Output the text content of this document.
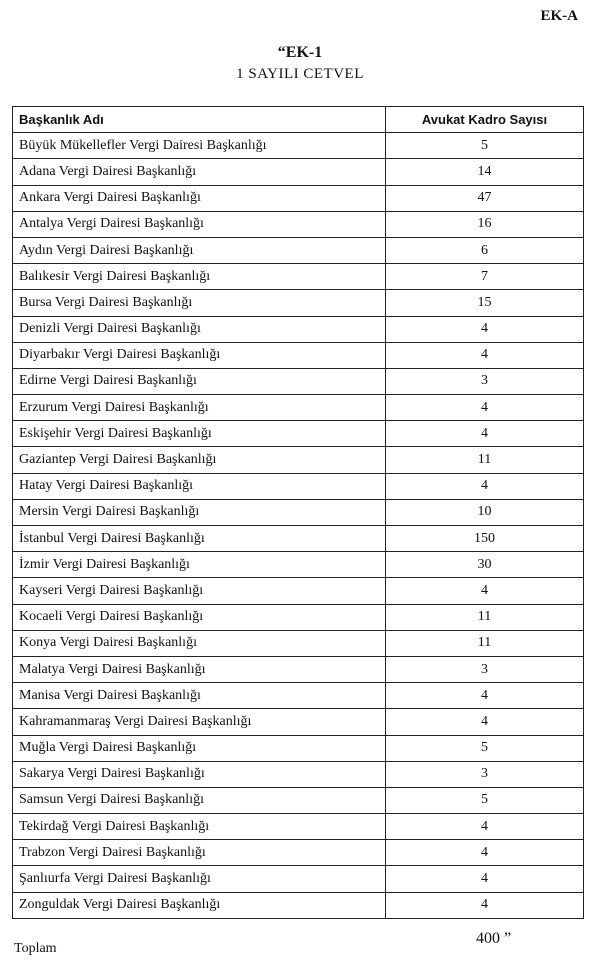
EK-A
“EK-1
1 SAYILI CETVEL
Başkanlık Adı	Avukat Kadro Sayısı
Büyük Mükellefler Vergi Dairesi Başkanlığı	5
Adana Vergi Dairesi Başkanlığı	14
Ankara Vergi Dairesi Başkanlığı	47
Antalya Vergi Dairesi Başkanlığı	16
Aydın Vergi Dairesi Başkanlığı	6
Balıkesir Vergi Dairesi Başkanlığı	7
Bursa Vergi Dairesi Başkanlığı	15
Denizli Vergi Dairesi Başkanlığı	4
Diyarbakır Vergi Dairesi Başkanlığı	4
Edirne Vergi Dairesi Başkanlığı	3
Erzurum Vergi Dairesi Başkanlığı	4
Eskişehir Vergi Dairesi Başkanlığı	4
Gaziantep Vergi Dairesi Başkanlığı	11
Hatay Vergi Dairesi Başkanlığı	4
Mersin Vergi Dairesi Başkanlığı	10
İstanbul Vergi Dairesi Başkanlığı	150
İzmir Vergi Dairesi Başkanlığı	30
Kayseri Vergi Dairesi Başkanlığı	4
Kocaeli Vergi Dairesi Başkanlığı	11
Konya Vergi Dairesi Başkanlığı	11
Malatya Vergi Dairesi Başkanlığı	3
Manisa Vergi Dairesi Başkanlığı	4
Kahramanmaraş Vergi Dairesi Başkanlığı	4
Muğla Vergi Dairesi Başkanlığı	5
Sakarya Vergi Dairesi Başkanlığı	3
Samsun Vergi Dairesi Başkanlığı	5
Tekirdağ Vergi Dairesi Başkanlığı	4
Trabzon Vergi Dairesi Başkanlığı	4
Şanlıurfa Vergi Dairesi Başkanlığı	4
Zonguldak Vergi Dairesi Başkanlığı	4
Toplam
400 ”
